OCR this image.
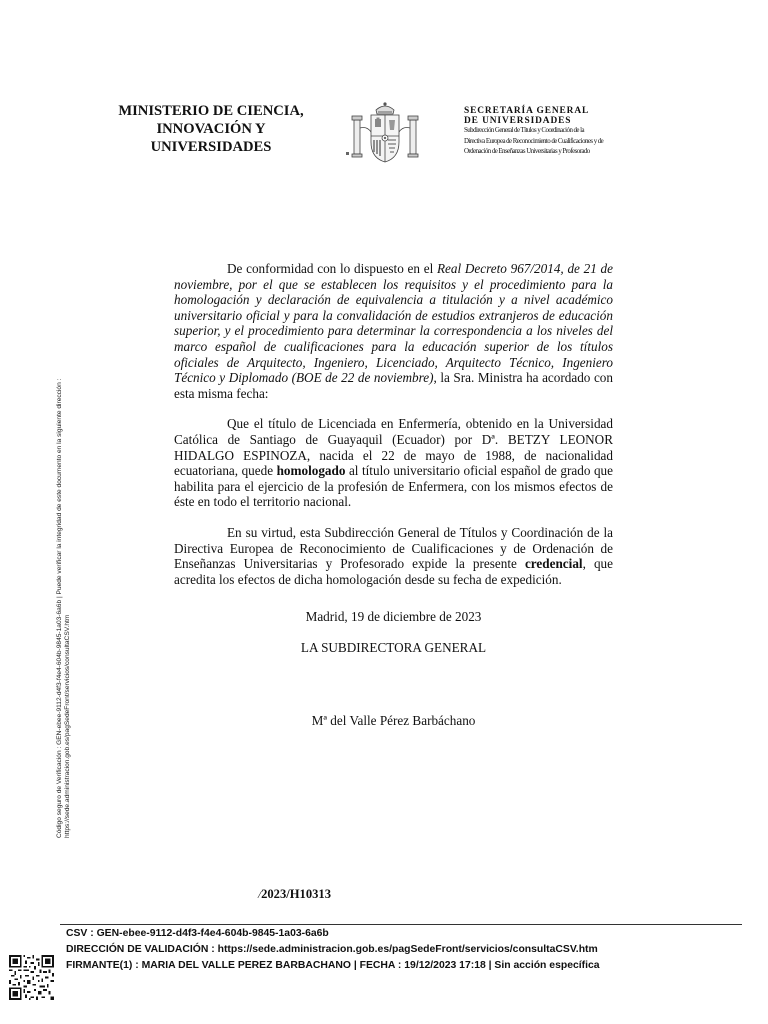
MINISTERIO DE CIENCIA,
INNOVACIÓN Y
UNIVERSIDADES
SECRETARÍA GENERAL
DE UNIVERSIDADES
Subdirección General de Títulos y Coordinación de la
Directiva Europea de Reconocimiento de Cualificaciones y de
Ordenación de Enseñanzas Universitarias y Profesorado
Código seguro de Verificación : GEN-ebee-9112-d4f3-f4e4-604b-9845-1a03-6a6b | Puede verificar la integridad de este documento en la siguiente dirección : https://sede.administracion.gob.es/pagSedeFront/servicios/consultaCSV.htm

De conformidad con lo dispuesto en el Real Decreto 967/2014, de 21 de noviembre, por el que se establecen los requisitos y el procedimiento para la homologación y declaración de equivalencia a titulación y a nivel académico universitario oficial y para la convalidación de estudios extranjeros de educación superior, y el procedimiento para determinar la correspondencia a los niveles del marco español de cualificaciones para la educación superior de los títulos oficiales de Arquitecto, Ingeniero, Licenciado, Arquitecto Técnico, Ingeniero Técnico y Diplomado (BOE de 22 de noviembre), la Sra. Ministra ha acordado con esta misma fecha:

Que el título de Licenciada en Enfermería, obtenido en la Universidad Católica de Santiago de Guayaquil (Ecuador) por Dª. BETZY LEONOR HIDALGO ESPINOZA, nacida el 22 de mayo de 1988, de nacionalidad ecuatoriana, quede homologado al título universitario oficial español de grado que habilita para el ejercicio de la profesión de Enfermera, con los mismos efectos de éste en todo el territorio nacional.

En su virtud, esta Subdirección General de Títulos y Coordinación de la Directiva Europea de Reconocimiento de Cualificaciones y de Ordenación de Enseñanzas Universitarias y Profesorado expide la presente credencial, que acredita los efectos de dicha homologación desde su fecha de expedición.

Madrid, 19 de diciembre de 2023
LA SUBDIRECTORA GENERAL
Mª del Valle Pérez Barbáchano
/2023/H10313
CSV : GEN-ebee-9112-d4f3-f4e4-604b-9845-1a03-6a6b
DIRECCIÓN DE VALIDACIÓN : https://sede.administracion.gob.es/pagSedeFront/servicios/consultaCSV.htm
FIRMANTE(1) : MARIA DEL VALLE PEREZ BARBACHANO | FECHA : 19/12/2023 17:18 | Sin acción específica
